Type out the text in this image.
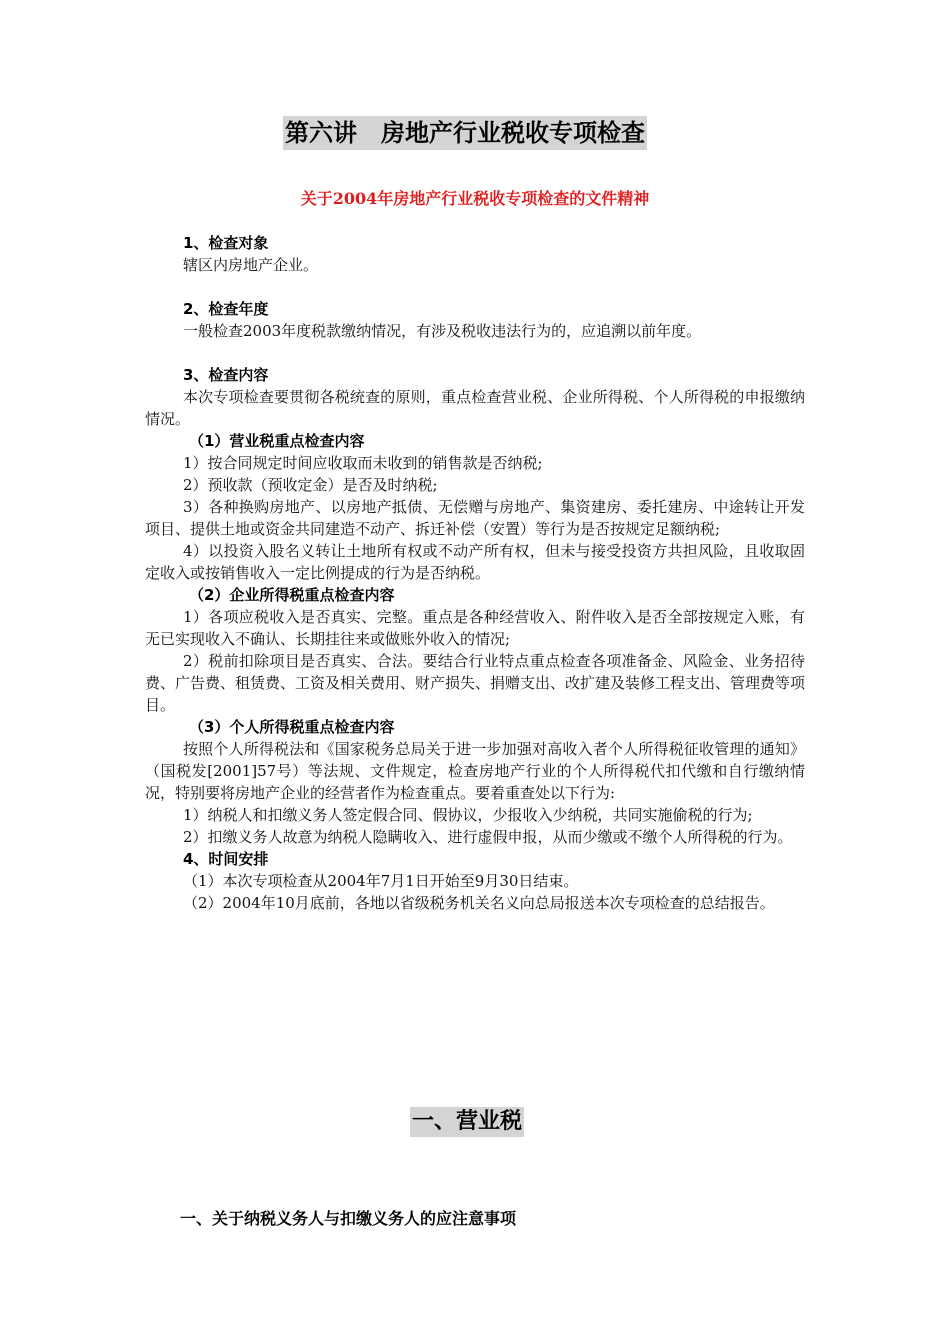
第六讲　房地产行业税收专项检查
关于2004年房地产行业税收专项检查的文件精神

1、检查对象

辖区内房地产企业。

2、检查年度

一般检查2003年度税款缴纳情况，有涉及税收违法行为的，应追溯以前年度。

3、检查内容

本次专项检查要贯彻各税统查的原则，重点检查营业税、企业所得税、个人所得税的申报缴纳情况。

（1）营业税重点检查内容

1）按合同规定时间应收取而未收到的销售款是否纳税;

2）预收款（预收定金）是否及时纳税;

3）各种换购房地产、以房地产抵债、无偿赠与房地产、集资建房、委托建房、中途转让开发项目、提供土地或资金共同建造不动产、拆迁补偿（安置）等行为是否按规定足额纳税;

4）以投资入股名义转让土地所有权或不动产所有权，但未与接受投资方共担风险，且收取固定收入或按销售收入一定比例提成的行为是否纳税。

（2）企业所得税重点检查内容

1）各项应税收入是否真实、完整。重点是各种经营收入、附件收入是否全部按规定入账，有无已实现收入不确认、长期挂往来或做账外收入的情况;

2）税前扣除项目是否真实、合法。要结合行业特点重点检查各项准备金、风险金、业务招待费、广告费、租赁费、工资及相关费用、财产损失、捐赠支出、改扩建及装修工程支出、管理费等项目。

（3）个人所得税重点检查内容

按照个人所得税法和《国家税务总局关于进一步加强对高收入者个人所得税征收管理的通知》（国税发[2001]57号）等法规、文件规定，检查房地产行业的个人所得税代扣代缴和自行缴纳情况，特别要将房地产企业的经营者作为检查重点。要着重查处以下行为:

1）纳税人和扣缴义务人签定假合同、假协议，少报收入少纳税，共同实施偷税的行为;

2）扣缴义务人故意为纳税人隐瞒收入、进行虚假申报，从而少缴或不缴个人所得税的行为。

4、时间安排

（1）本次专项检查从2004年7月1日开始至9月30日结束。

（2）2004年10月底前，各地以省级税务机关名义向总局报送本次专项检查的总结报告。

一、营业税
一、关于纳税义务人与扣缴义务人的应注意事项
